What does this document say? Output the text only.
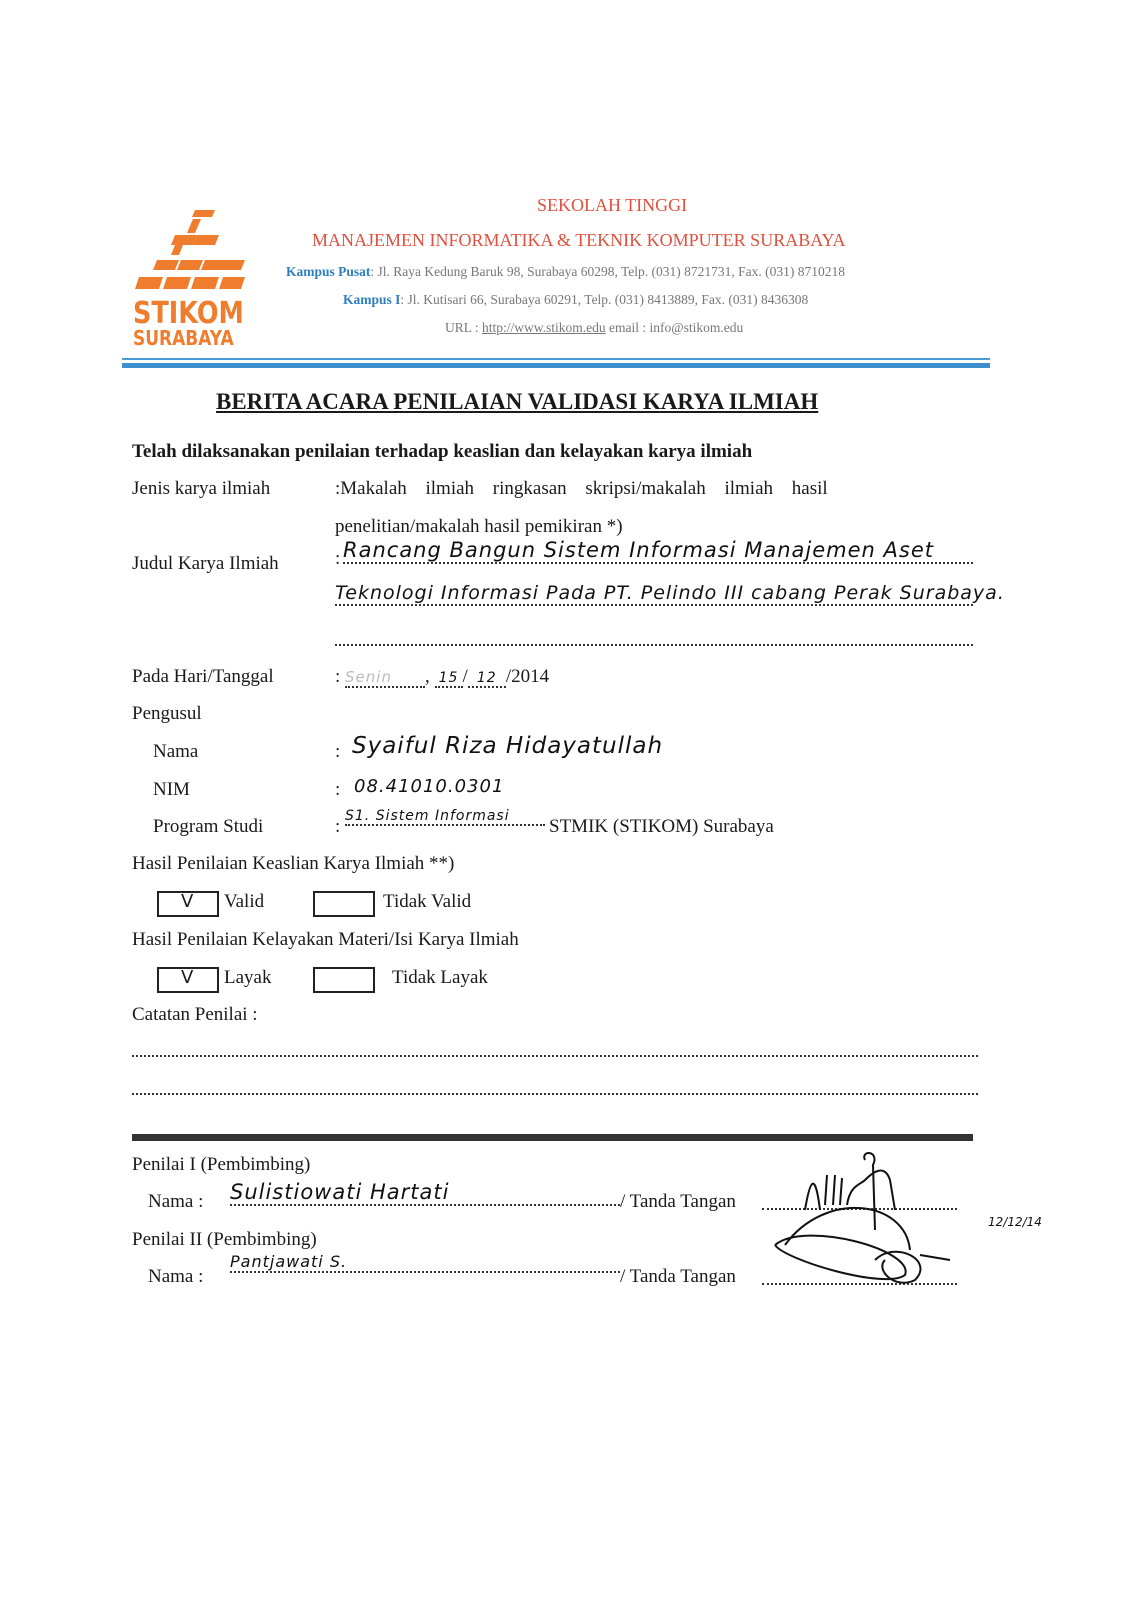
STIKOM
SURABAYA
SEKOLAH TINGGI
MANAJEMEN INFORMATIKA & TEKNIK KOMPUTER SURABAYA
Kampus Pusat: Jl. Raya Kedung Baruk 98, Surabaya 60298, Telp. (031) 8721731, Fax. (031) 8710218
Kampus I: Jl. Kutisari 66, Surabaya 60291, Telp. (031) 8413889, Fax. (031) 8436308
URL : http://www.stikom.edu email : info@stikom.edu
BERITA ACARA PENILAIAN VALIDASI KARYA ILMIAH
Telah dilaksanakan penilaian terhadap keaslian dan kelayakan karya ilmiah
Jenis karya ilmiah	:Makalah ilmiah ringkasan skripsi/makalah ilmiah hasil
penelitian/makalah hasil pemikiran *)
Judul Karya Ilmiah	: Rancang Bangun Sistem Informasi Manajemen Aset
Teknologi Informasi Pada PT. Pelindo III cabang Perak Surabaya.
Pada Hari/Tanggal	: Senin , 15 / 12 /2014
Pengusul
Nama	: Syaiful Riza Hidayatullah
NIM	: 08.41010.0301
Program Studi	: S1. Sistem Informasi	STMIK (STIKOM) Surabaya
Hasil Penilaian Keaslian Karya Ilmiah **)
V Valid	Tidak Valid
Hasil Penilaian Kelayakan Materi/Isi Karya Ilmiah
V Layak	Tidak Layak
Catatan Penilai :
Penilai I (Pembimbing)
Nama : Sulistiowati Hartati	/ Tanda Tangan
Penilai II (Pembimbing)
Nama :
Pantjawati S.
/ Tanda Tangan
12/12/14
